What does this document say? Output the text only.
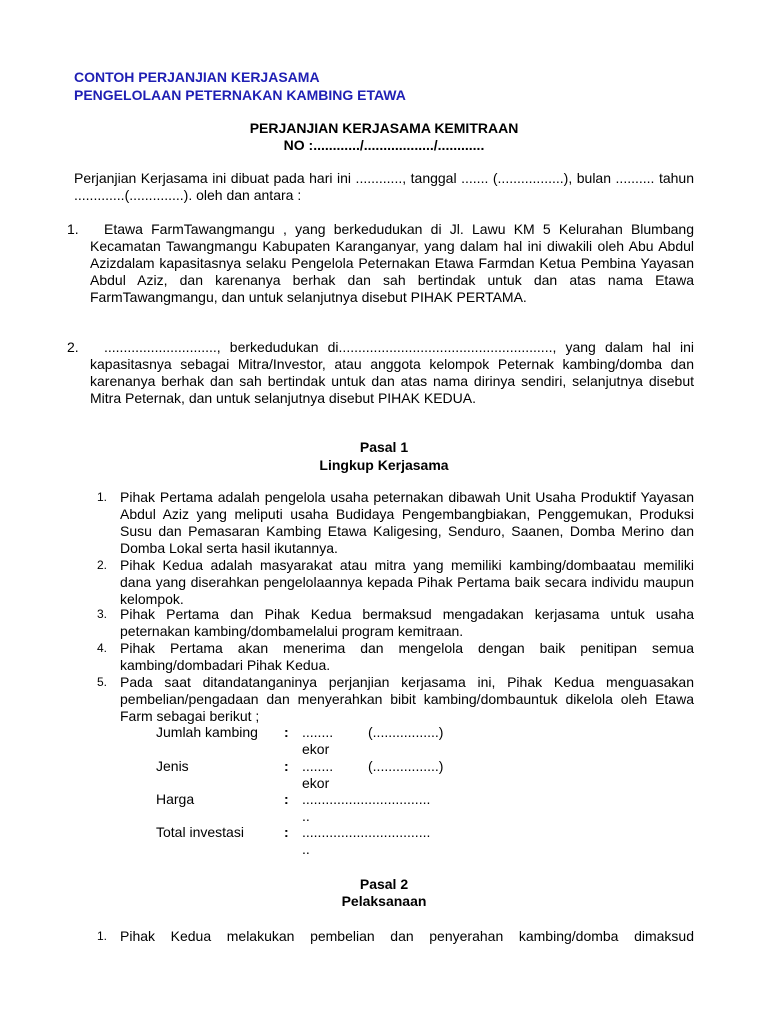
CONTOH PERJANJIAN KERJASAMA
PENGELOLAAN PETERNAKAN KAMBING ETAWA
PERJANJIAN KERJASAMA KEMITRAAN
NO :............/................../............
Perjanjian Kerjasama ini dibuat pada hari ini ............, tanggal ....... (.................), bulan .......... tahun .............(..............). oleh dan antara :
1.	Etawa FarmTawangmangu , yang berkedudukan di Jl. Lawu KM 5 Kelurahan Blumbang Kecamatan Tawangmangu Kabupaten Karanganyar, yang dalam hal ini diwakili oleh Abu Abdul Azizdalam kapasitasnya selaku Pengelola Peternakan Etawa Farmdan Ketua Pembina Yayasan Abdul Aziz, dan karenanya berhak dan sah bertindak untuk dan atas nama Etawa FarmTawangmangu, dan untuk selanjutnya disebut PIHAK PERTAMA.
2.	............................., berkedudukan di......................................................., yang dalam hal ini kapasitasnya sebagai Mitra/Investor, atau anggota kelompok Peternak kambing/domba dan karenanya berhak dan sah bertindak untuk dan atas nama dirinya sendiri, selanjutnya disebut Mitra Peternak, dan untuk selanjutnya disebut PIHAK KEDUA.
Pasal 1
Lingkup Kerjasama
1. Pihak Pertama adalah pengelola usaha peternakan dibawah Unit Usaha Produktif Yayasan Abdul Aziz yang meliputi usaha Budidaya Pengembangbiakan, Penggemukan, Produksi Susu dan Pemasaran Kambing Etawa Kaligesing, Senduro, Saanen, Domba Merino dan Domba Lokal serta hasil ikutannya.
2. Pihak Kedua adalah masyarakat atau mitra yang memiliki kambing/dombaatau memiliki dana yang diserahkan pengelolaannya kepada Pihak Pertama baik secara individu maupun kelompok.
3. Pihak Pertama dan Pihak Kedua bermaksud mengadakan kerjasama untuk usaha peternakan kambing/dombamelalui program kemitraan.
4. Pihak Pertama akan menerima dan mengelola dengan baik penitipan semua kambing/dombadari Pihak Kedua.
5. Pada saat ditandatanganinya perjanjian kerjasama ini, Pihak Kedua menguasakan pembelian/pengadaan dan menyerahkan bibit kambing/dombauntuk dikelola oleh Etawa Farm sebagai berikut ;
Jumlah kambing : ........ (.................)
ekor
Jenis	: ........ (.................)
ekor
Harga	: .................................
..
Total investasi	: .................................
..
Pasal 2
Pelaksanaan
1. Pihak Kedua melakukan pembelian dan penyerahan kambing/domba dimaksud
